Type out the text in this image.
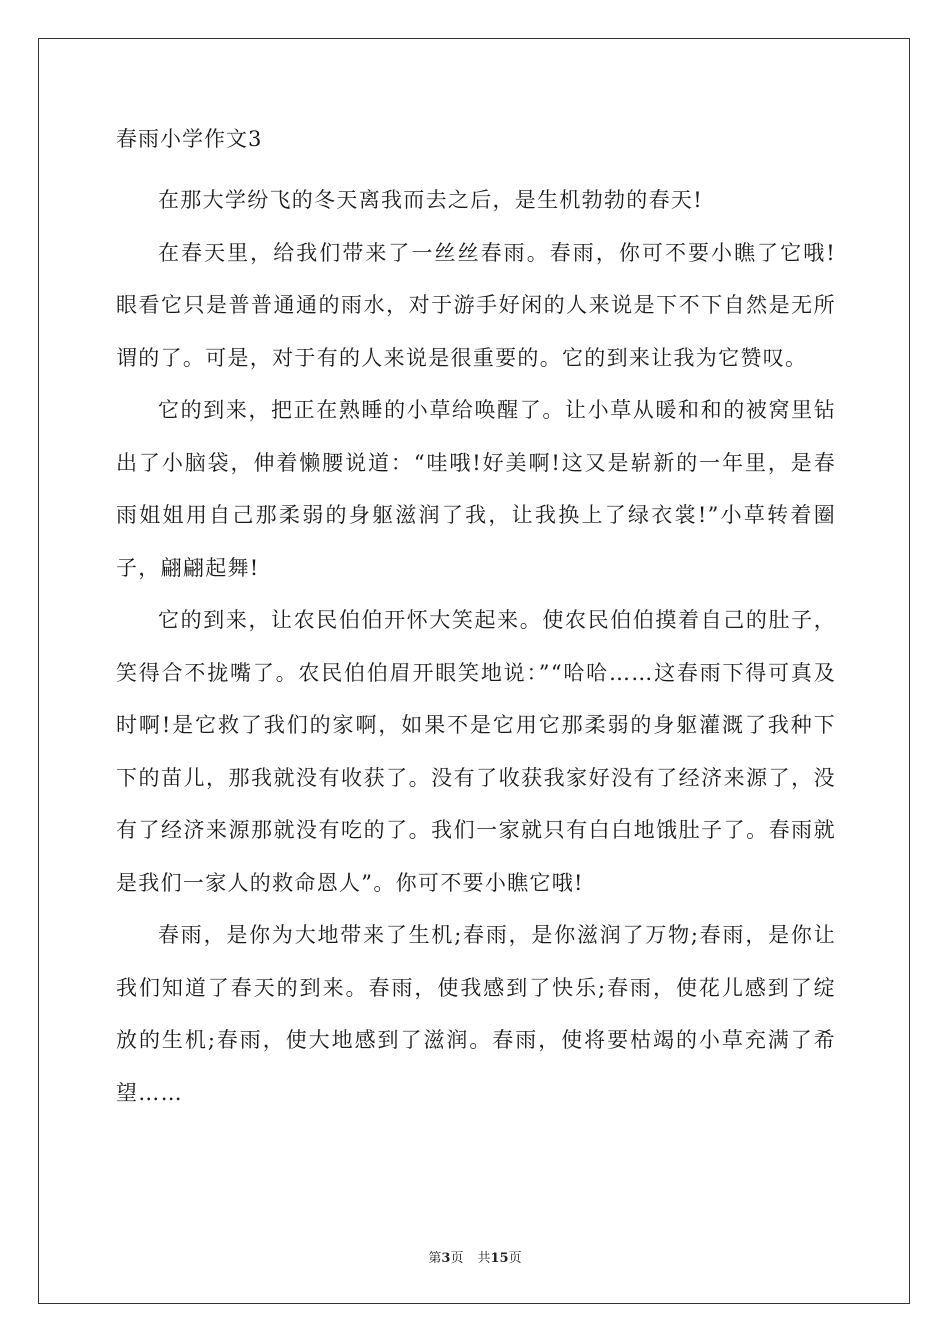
春雨小学作文3

在那大学纷飞的冬天离我而去之后，是生机勃勃的春天!

在春天里，给我们带来了一丝丝春雨。春雨，你可不要小瞧了它哦!眼看它只是普普通通的雨水，对于游手好闲的人来说是下不下自然是无所谓的了。可是，对于有的人来说是很重要的。它的到来让我为它赞叹。

它的到来，把正在熟睡的小草给唤醒了。让小草从暖和和的被窝里钻出了小脑袋，伸着懒腰说道：“哇哦!好美啊!这又是崭新的一年里，是春雨姐姐用自己那柔弱的身躯滋润了我，让我换上了绿衣裳!”小草转着圈子，翩翩起舞!

它的到来，让农民伯伯开怀大笑起来。使农民伯伯摸着自己的肚子，笑得合不拢嘴了。农民伯伯眉开眼笑地说：”“哈哈……这春雨下得可真及时啊!是它救了我们的家啊，如果不是它用它那柔弱的身躯灌溉了我种下下的苗儿，那我就没有收获了。没有了收获我家好没有了经济来源了，没有了经济来源那就没有吃的了。我们一家就只有白白地饿肚子了。春雨就是我们一家人的救命恩人”。你可不要小瞧它哦!

春雨，是你为大地带来了生机;春雨，是你滋润了万物;春雨，是你让我们知道了春天的到来。春雨，使我感到了快乐;春雨，使花儿感到了绽放的生机;春雨，使大地感到了滋润。春雨，使将要枯竭的小草充满了希望……

第3页 共15页
